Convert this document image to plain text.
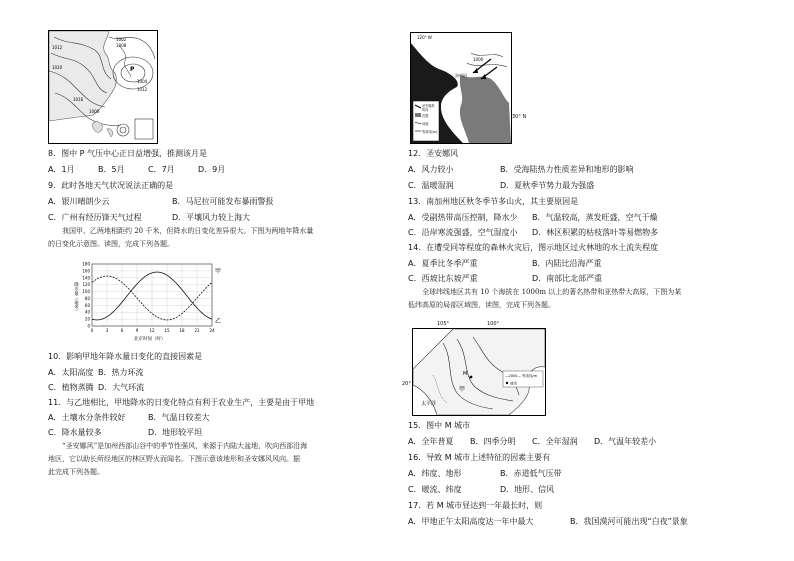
1002
1008
1012
1020
1004
1012
1016
1000
P
8．图中 P 气压中心正日益增强，推测该月是
A．1月	B．5月	C．7月	D．9月
9．此时各地天气状况说法正确的是
A．银川晴朗少云	B．马尼拉可能发布暴雨警报
C．广州有经历锋天气过程	D．平壤风力较上海大
我国甲、乙两地相距约 20 千米，但降水的日变化差异很大。下图为两地年降水量
的日变化示意图。读图，完成下列各题。
180
160
140
120
100
80
60
40
20
0
0	3	6	9	12 15 18 21 24
甲
乙
降水量（毫米）
北京时间（时）
10．影响甲地年降水量日变化的直接因素是
A．太阳高度 B．热力环流
C．植物蒸腾 D．大气环流
11．与乙地相比，甲地降水的日变化特点有利于农业生产，主要是由于甲地
A．土壤水分条件较好	B．气温日较差大
C．降水量较多	D．地形较平坦
“圣安娜风”是加州西部山谷中的季节性强风，来源于内陆大盆地，吹向西部沿海
地区，它以助长所经地区的林区野火而闻名。下图示意该地形和圣安娜风风向。据
此完成下列各题。
圣安娜风
风向
荒漠
河流
等高线(m)
120° W
洛杉矶
1000
30° N
12．圣安娜风
A．风力较小	B．受海陆热力性质差异和地形的影响
C．温暖湿润	D．夏秋季节势力最为强盛
13．南加州地区秋冬季节多山火，其主要原因是
A．受副热带高压控制，降水少 B．气温较高，蒸发旺盛，空气干燥
C．沿岸寒流强盛，空气湿度小 D．林区积累的枯枝落叶等易燃物多
14．在遭受同等程度的森林火灾后，图示地区过火林地的水土流失程度
A．夏季比冬季严重	B．内陆比沿海严重
C．西坡比东坡严重	D．南部比北部严重
全球纬线地区共有 10 个海拔在 1000m 以上的著名热带和亚热带大高原，下图为某
低纬高原的局部区域图，读图，完成下列各题。
M
甲
—2000— 等高线/m
城市
太平洋
105°	100°
20°
15．图中 M 城市
A．全年普夏 B．四季分明 C．全年湿润 D．气温年较差小
16．导致 M 城市上述特征的因素主要有
A．纬度、地形	B．赤道低气压带
C．暖流、纬度	D．地形、信风
17．若 M 城市昼达到一年最长时，则
A．甲地正午太阳高度达一年中最大	B．我国漠河可能出现“白夜”景象
